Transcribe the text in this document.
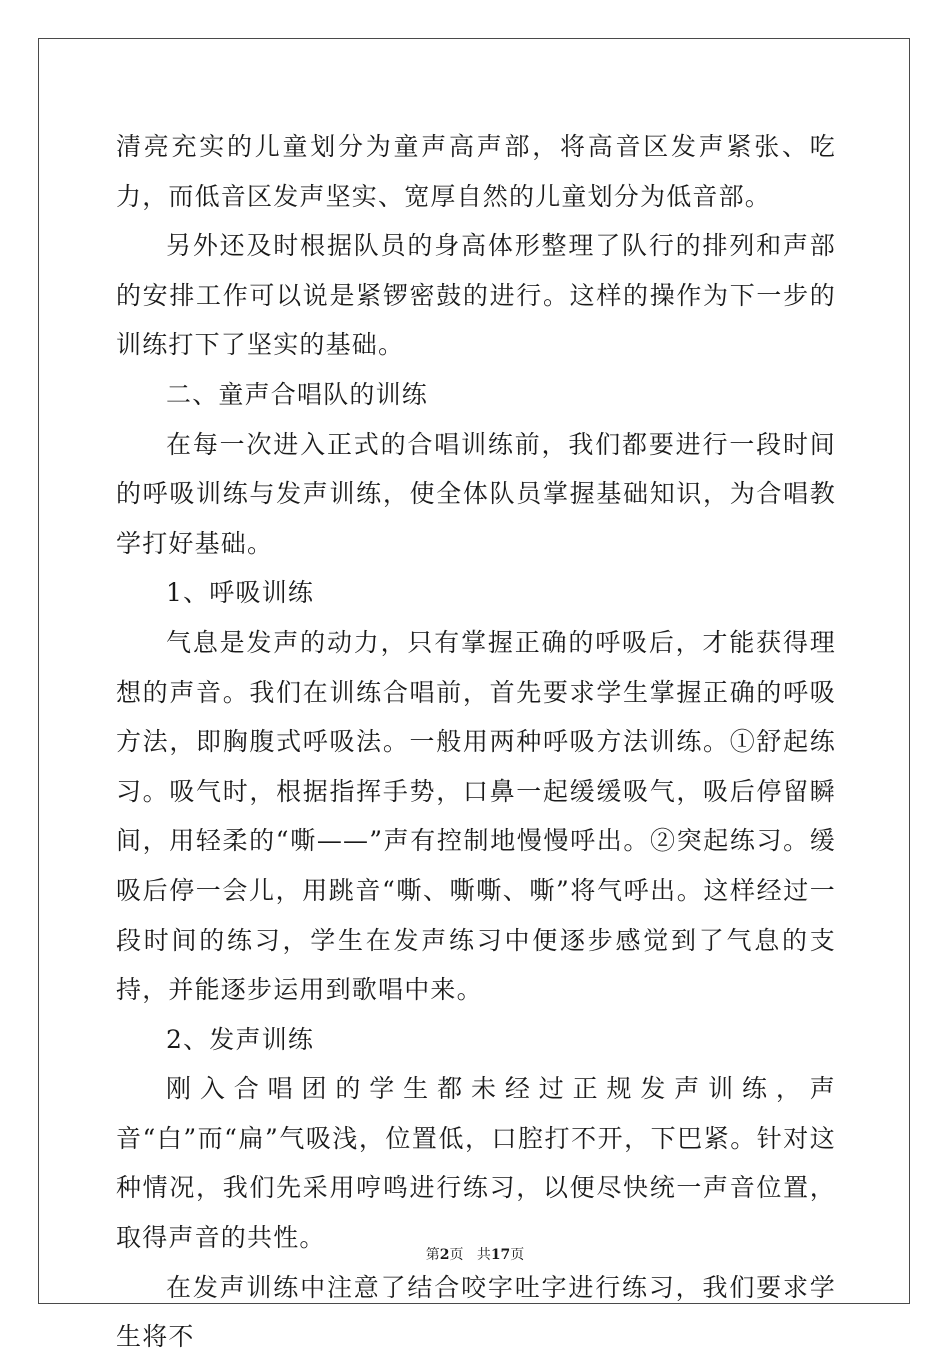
清亮充实的儿童划分为童声高声部，将高音区发声紧张、吃力，而低音区发声坚实、宽厚自然的儿童划分为低音部。

另外还及时根据队员的身高体形整理了队行的排列和声部的安排工作可以说是紧锣密鼓的进行。这样的操作为下一步的训练打下了坚实的基础。

二、童声合唱队的训练

在每一次进入正式的合唱训练前，我们都要进行一段时间的呼吸训练与发声训练，使全体队员掌握基础知识，为合唱教学打好基础。

1、呼吸训练

气息是发声的动力，只有掌握正确的呼吸后，才能获得理想的声音。我们在训练合唱前，首先要求学生掌握正确的呼吸方法，即胸腹式呼吸法。一般用两种呼吸方法训练。①舒起练习。吸气时，根据指挥手势，口鼻一起缓缓吸气，吸后停留瞬间，用轻柔的“嘶——”声有控制地慢慢呼出。②突起练习。缓吸后停一会儿，用跳音“嘶、嘶嘶、嘶”将气呼出。这样经过一段时间的练习，学生在发声练习中便逐步感觉到了气息的支持，并能逐步运用到歌唱中来。

2、发声训练

刚入合唱团的学生都未经过正规发声训练，声音“白”而“扁”气吸浅，位置低，口腔打不开，下巴紧。针对这种情况，我们先采用哼鸣进行练习，以便尽快统一声音位置，取得声音的共性。

在发声训练中注意了结合咬字吐字进行练习，我们要求学生将不

第2页 共17页
